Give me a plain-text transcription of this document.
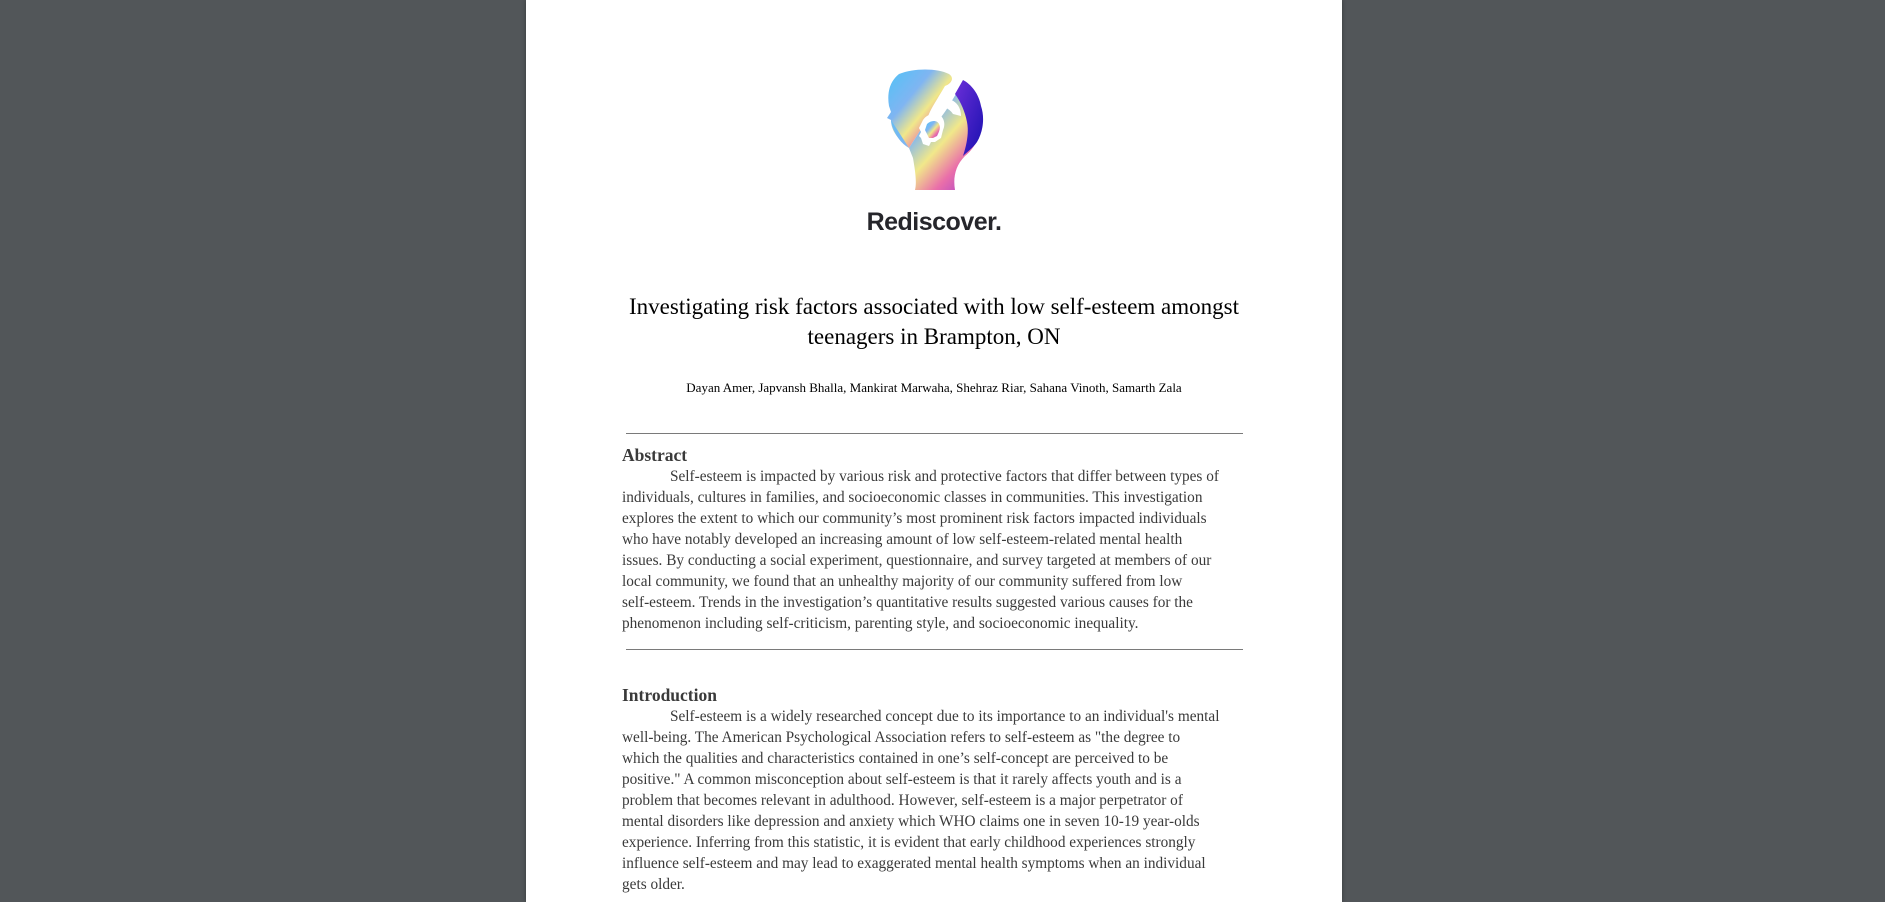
Rediscover.
Investigating risk factors associated with low self-esteem amongst
teenagers in Brampton, ON
Dayan Amer, Japvansh Bhalla, Mankirat Marwaha, Shehraz Riar, Sahana Vinoth, Samarth Zala
Abstract

Self-esteem is impacted by various risk and protective factors that differ between types of
individuals, cultures in families, and socioeconomic classes in communities. This investigation
explores the extent to which our community’s most prominent risk factors impacted individuals
who have notably developed an increasing amount of low self-esteem-related mental health
issues. By conducting a social experiment, questionnaire, and survey targeted at members of our
local community, we found that an unhealthy majority of our community suffered from low
self-esteem. Trends in the investigation’s quantitative results suggested various causes for the
phenomenon including self-criticism, parenting style, and socioeconomic inequality.

Introduction

Self-esteem is a widely researched concept due to its importance to an individual's mental
well-being. The American Psychological Association refers to self-esteem as "the degree to
which the qualities and characteristics contained in one’s self-concept are perceived to be
positive." A common misconception about self-esteem is that it rarely affects youth and is a
problem that becomes relevant in adulthood. However, self-esteem is a major perpetrator of
mental disorders like depression and anxiety which WHO claims one in seven 10-19 year-olds
experience. Inferring from this statistic, it is evident that early childhood experiences strongly
influence self-esteem and may lead to exaggerated mental health symptoms when an individual
gets older.
